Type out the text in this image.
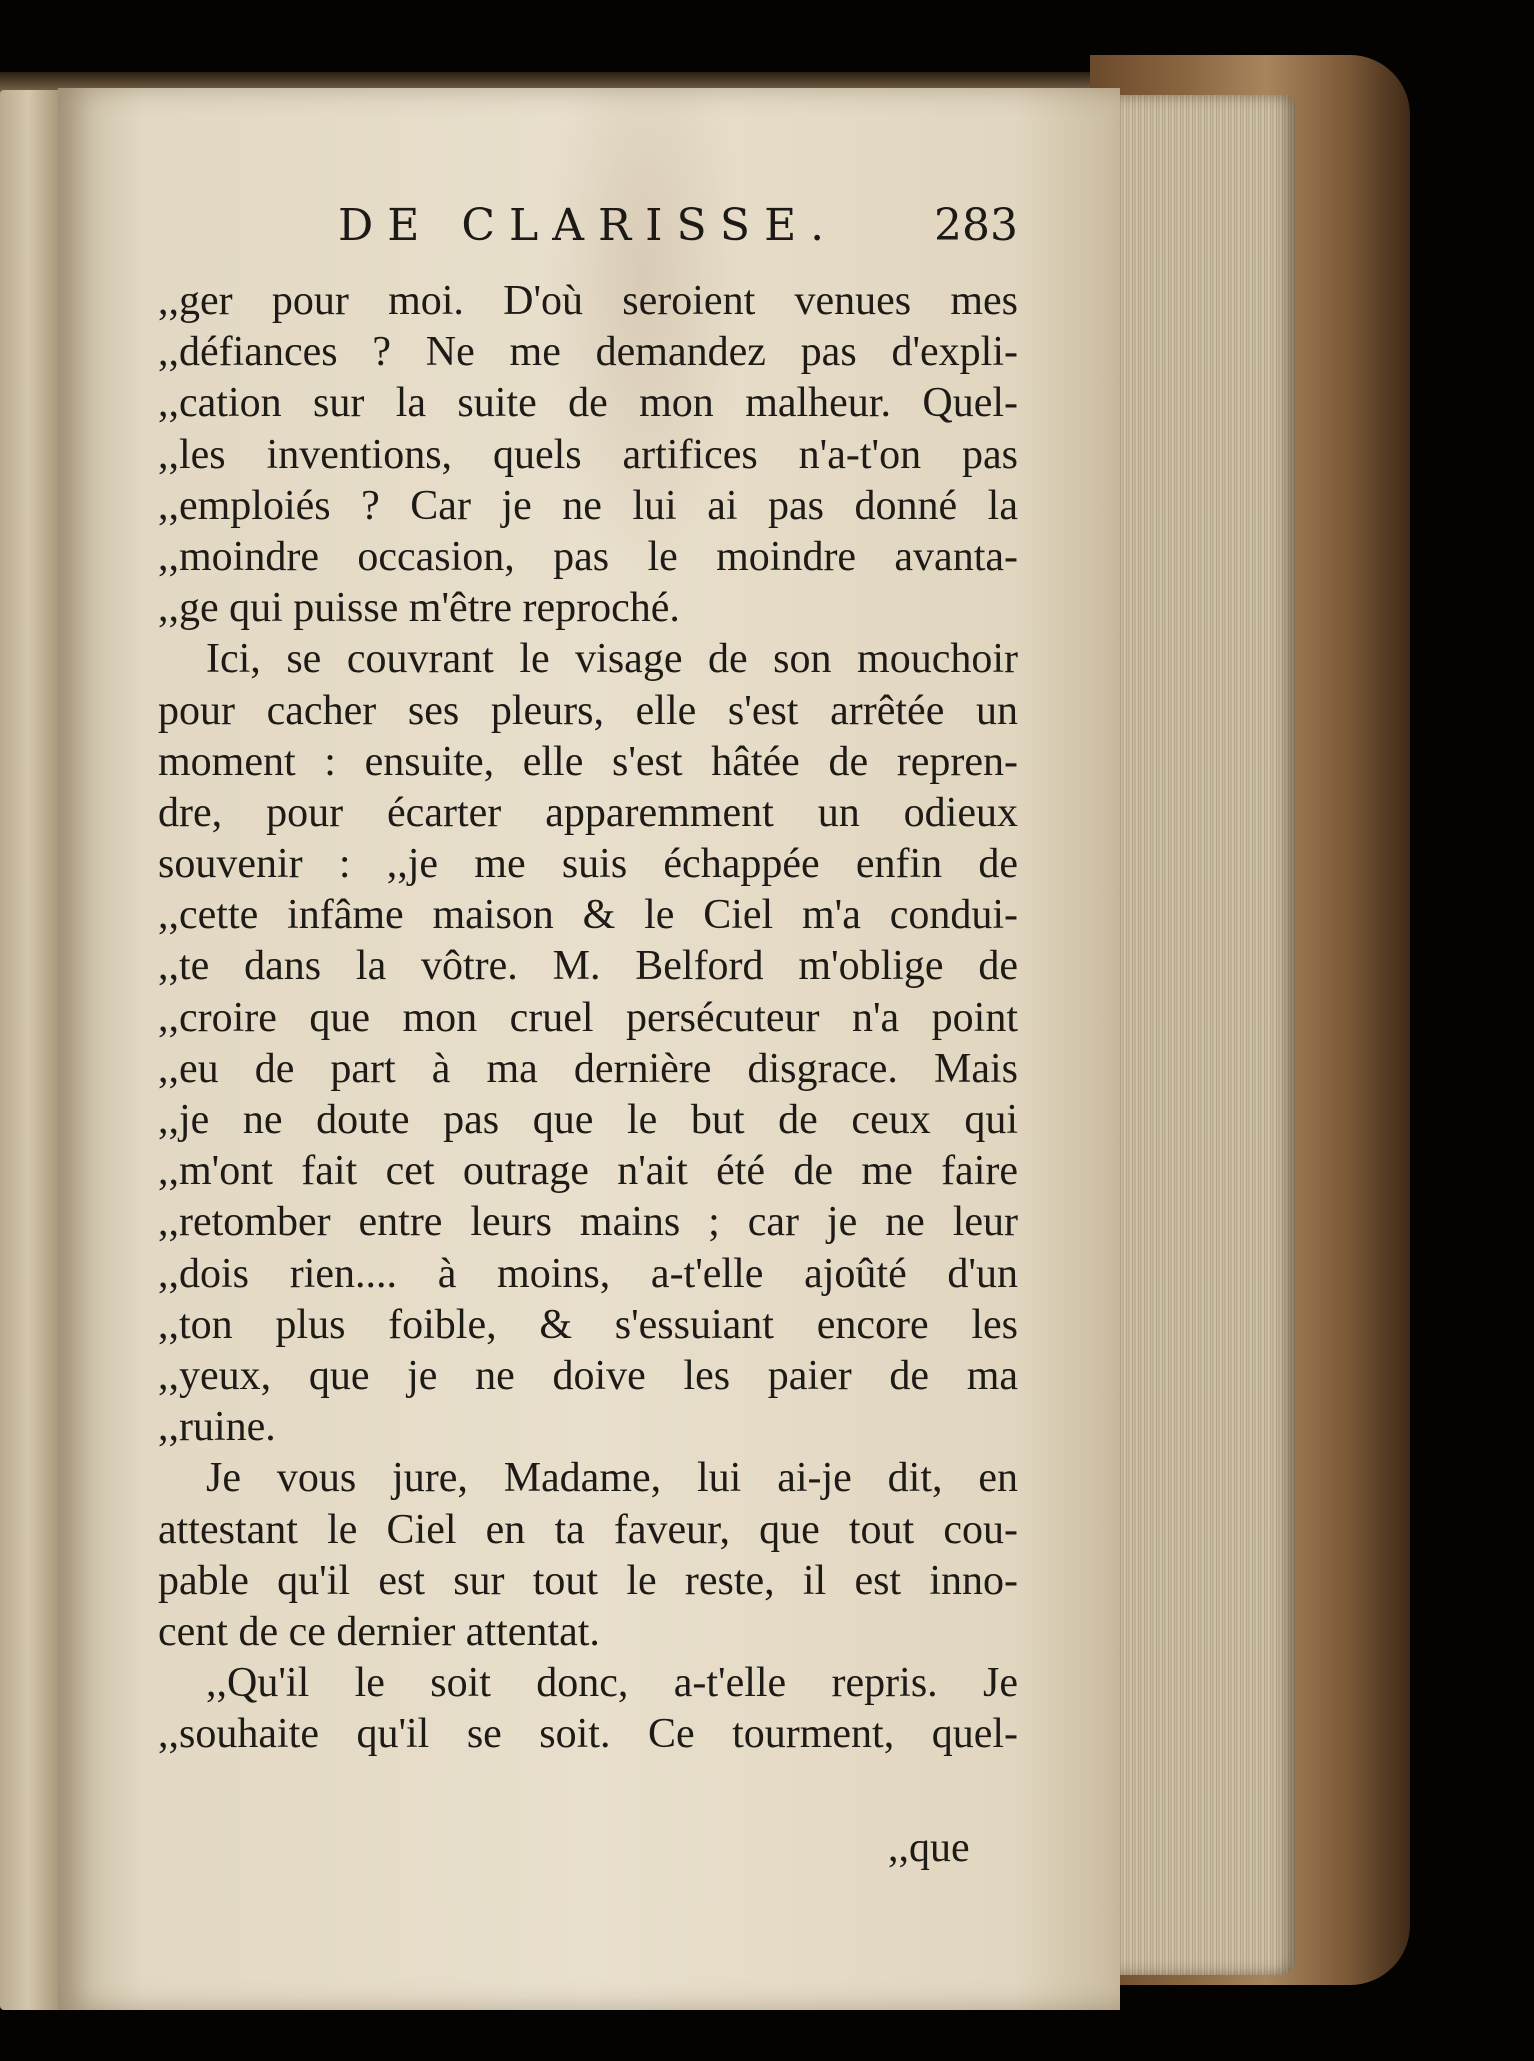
DE CLARISSE. 283
,,ger pour moi. D'où seroient venues mes
,,défiances ? Ne me demandez pas d'expli-
,,cation sur la suite de mon malheur. Quel-
,,les inventions, quels artifices n'a-t'on pas
,,emploiés ? Car je ne lui ai pas donné la
,,moindre occasion, pas le moindre avanta-
,,ge qui puisse m'être reproché.
Ici, se couvrant le visage de son mouchoir
pour cacher ses pleurs, elle s'est arrêtée un
moment : ensuite, elle s'est hâtée de repren-
dre, pour écarter apparemment un odieux
souvenir : ,,je me suis échappée enfin de
,,cette infâme maison & le Ciel m'a condui-
,,te dans la vôtre. M. Belford m'oblige de
,,croire que mon cruel persécuteur n'a point
,,eu de part à ma dernière disgrace. Mais
,,je ne doute pas que le but de ceux qui
,,m'ont fait cet outrage n'ait été de me faire
,,retomber entre leurs mains ; car je ne leur
,,dois rien.... à moins, a-t'elle ajoûté d'un
,,ton plus foible, & s'essuiant encore les
,,yeux, que je ne doive les paier de ma
,,ruine.
Je vous jure, Madame, lui ai-je dit, en
attestant le Ciel en ta faveur, que tout cou-
pable qu'il est sur tout le reste, il est inno-
cent de ce dernier attentat.
,,Qu'il le soit donc, a-t'elle repris. Je
,,souhaite qu'il se soit. Ce tourment, quel-
,,que
